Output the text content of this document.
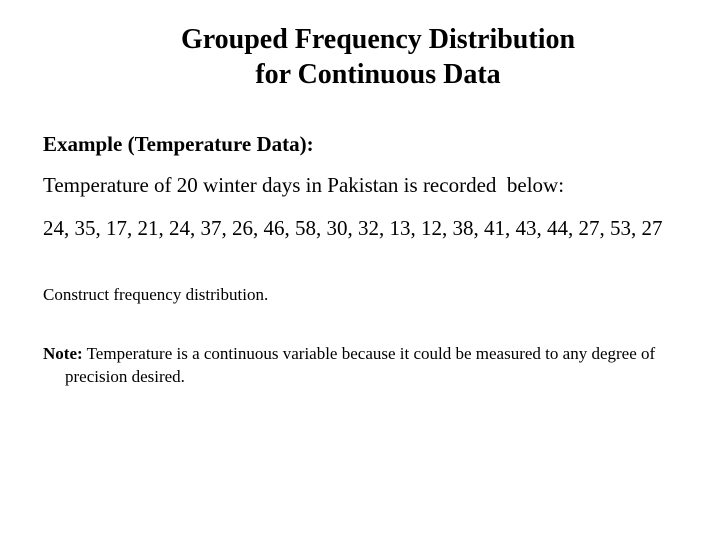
Grouped Frequency Distribution
for Continuous Data
Example (Temperature Data):
Temperature of 20 winter days in Pakistan is recorded  below:
24, 35, 17, 21, 24, 37, 26, 46, 58, 30, 32, 13, 12, 38, 41, 43, 44, 27, 53, 27
Construct frequency distribution.
Note: Temperature is a continuous variable because it could be measured to any degree of precision desired.
